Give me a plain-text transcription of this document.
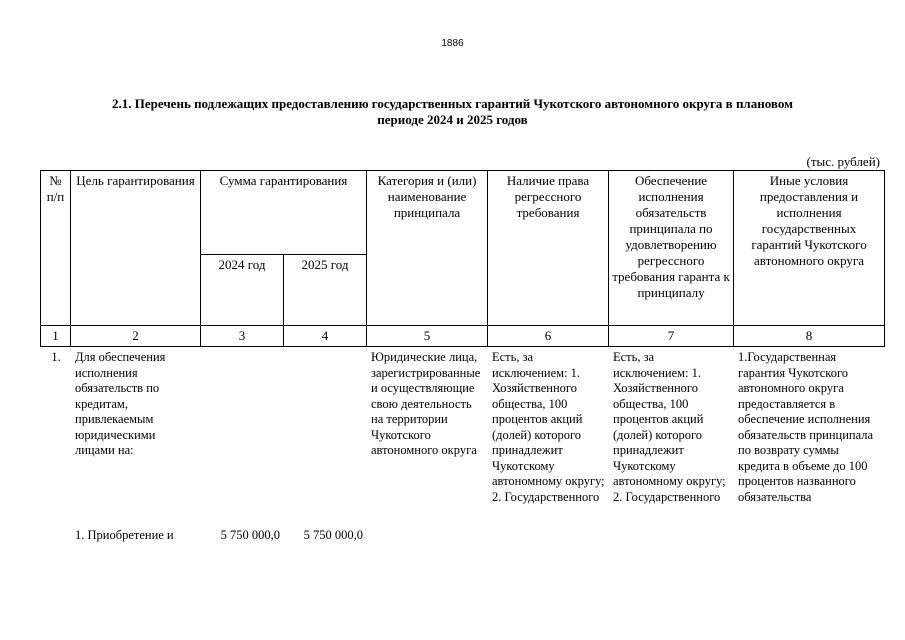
1886
2.1. Перечень подлежащих предоставлению государственных гарантий Чукотского автономного округа в плановом
периоде 2024 и 2025 годов
(тыс. рублей)
№ п/п	Цель гарантирования	Сумма гарантирования		Категория и (или) наименование принципала	Наличие права регрессного требования	Обеспечение исполнения обязательств принципала по удовлетворению регрессного требования гаранта к принципалу	Иные условия предоставления и исполнения государственных гарантий Чукотского автономного округа
		2024 год	2025 год				
1	2	3	4	5	6	7	8
1.	Для обеспечения исполнения обязательств по кредитам, привлекаемым юридическими лицами на:			Юридические лица, зарегистрированные и осуществляющие свою деятельность на территории Чукотского автономного округа	Есть, за исключением: 1. Хозяйственного общества, 100 процентов акций (долей) которого принадлежит Чукотскому автономному округу; 2. Государственного	Есть, за исключением: 1. Хозяйственного общества, 100 процентов акций (долей) которого принадлежит Чукотскому автономному округу; 2. Государственного	1.Государственная гарантия Чукотского автономного округа предоставляется в обеспечение исполнения обязательств принципала по возврату суммы кредита в объеме до 100 процентов названного обязательства
	1. Приобретение и	5 750 000,0	5 750 000,0				
